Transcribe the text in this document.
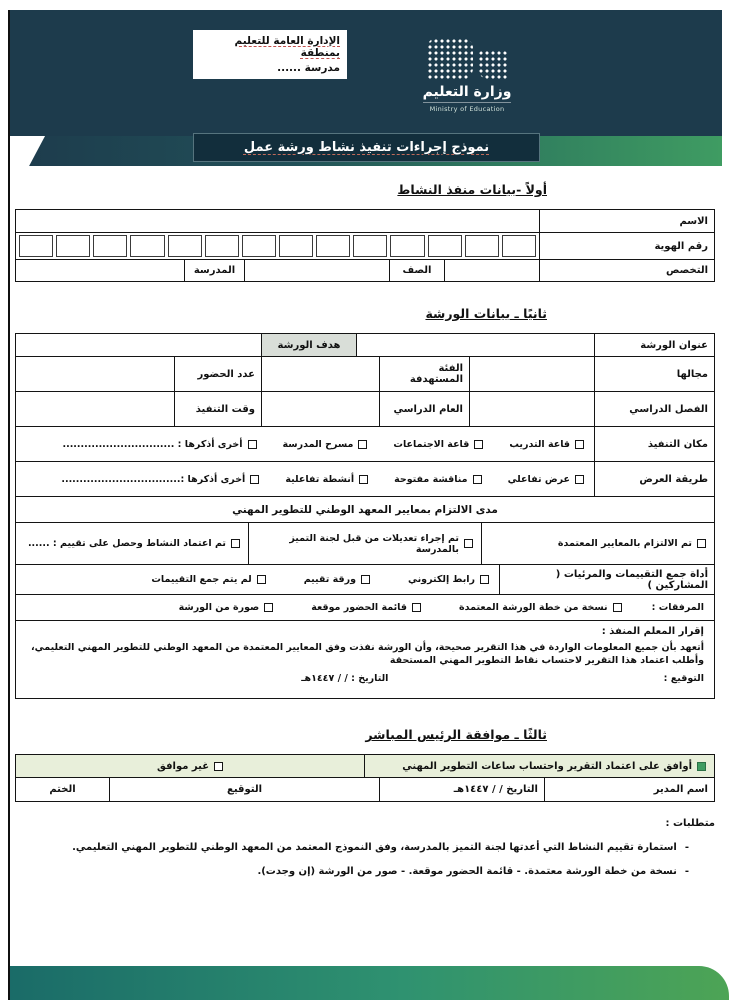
الإدارة العامة للتعليم بمنطقة
مدرسة ......
وزارة التعليم
Ministry of Education
نموذج إجراءات تنفيذ نشاط ورشة عمل
أولاً -بيانات منفذ النشاط
الاسم
رقم الهوية
التخصص
الصف
المدرسة
ثانيًا ـ بيانات الورشة
عنوان الورشة
هدف الورشة
مجالها
الفئة المستهدفة
عدد الحضور
الفصل الدراسي
العام الدراسي
وقت التنفيذ
مكان التنفيذ
قاعة التدريب
قاعة الاجتماعات
مسرح المدرسة
أخرى أذكرها : ...............................
طريقة العرض
عرض تفاعلي
مناقشة مفتوحة
أنشطة تفاعلية
أخرى أذكرها :.................................
مدى الالتزام بمعايير المعهد الوطني للتطوير المهني
تم الالتزام بالمعايير المعتمدة
تم إجراء تعديلات من قبل لجنة التميز بالمدرسة
تم اعتماد النشاط وحصل على تقييم : ......
أداة جمع التقييمات والمرئيات ( المشاركين )
رابط إلكتروني
ورقة تقييم
لم يتم جمع التقييمات
المرفقات :
نسخة من خطة الورشة المعتمدة
قائمة الحضور موقعة
صورة من الورشة
إقرار المعلم المنفذ :
أتعهد بأن جميع المعلومات الواردة في هذا التقرير صحيحة، وأن الورشة نفذت وفق المعايير المعتمدة من المعهد الوطني للتطوير المهني التعليمي، وأطلب اعتماد هذا التقرير لاحتساب نقاط التطوير المهني المستحقة
التوقيع :
التاريخ : / / ١٤٤٧هـ
ثالثًا ـ موافقة الرئيس المباشر
أوافق على اعتماد التقرير واحتساب ساعات التطوير المهني
غير موافق
اسم المدير
التاريخ / / ١٤٤٧هـ
التوقيع
الختم
متطلبات :
- استمارة تقييم النشاط التي أعدتها لجنة التميز بالمدرسة، وفق النموذج المعتمد من المعهد الوطني للتطوير المهني التعليمي.
- نسخة من خطة الورشة معتمدة. - قائمة الحضور موقعة. - صور من الورشة (إن وجدت).
